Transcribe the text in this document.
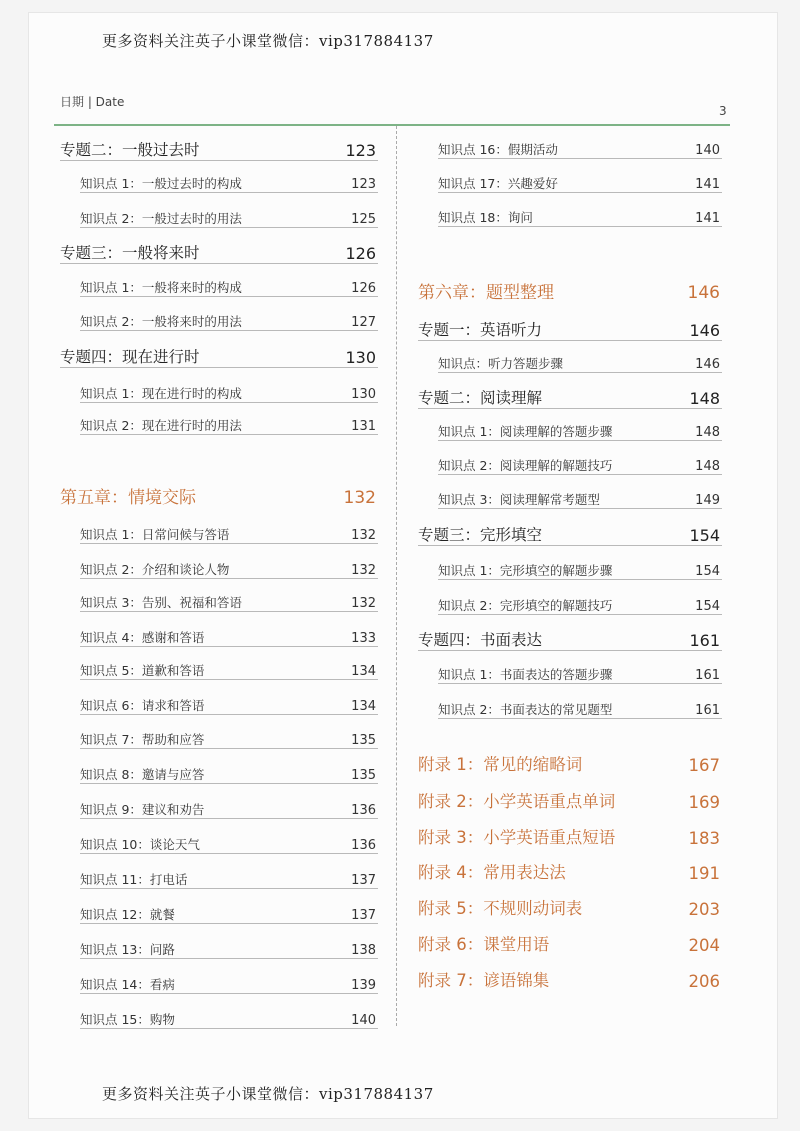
更多资料关注英子小课堂微信：vip317884137
日期 | Date
3
专题二：一般过去时	123
知识点 1：一般过去时的构成	123
知识点 2：一般过去时的用法	125
专题三：一般将来时	126
知识点 1：一般将来时的构成	126
知识点 2：一般将来时的用法	127
专题四：现在进行时	130
知识点 1：现在进行时的构成	130
知识点 2：现在进行时的用法	131
第五章：情境交际	132
知识点 1：日常问候与答语	132
知识点 2：介绍和谈论人物	132
知识点 3：告别、祝福和答语	132
知识点 4：感谢和答语	133
知识点 5：道歉和答语	134
知识点 6：请求和答语	134
知识点 7：帮助和应答	135
知识点 8：邀请与应答	135
知识点 9：建议和劝告	136
知识点 10：谈论天气	136
知识点 11：打电话	137
知识点 12：就餐	137
知识点 13：问路	138
知识点 14：看病	139
知识点 15：购物	140
知识点 16：假期活动	140
知识点 17：兴趣爱好	141
知识点 18：询问	141
第六章：题型整理	146
专题一：英语听力	146
知识点：听力答题步骤	146
专题二：阅读理解	148
知识点 1：阅读理解的答题步骤	148
知识点 2：阅读理解的解题技巧	148
知识点 3：阅读理解常考题型	149
专题三：完形填空	154
知识点 1：完形填空的解题步骤	154
知识点 2：完形填空的解题技巧	154
专题四：书面表达	161
知识点 1：书面表达的答题步骤	161
知识点 2：书面表达的常见题型	161
附录 1：常见的缩略词	167
附录 2：小学英语重点单词	169
附录 3：小学英语重点短语	183
附录 4：常用表达法	191
附录 5：不规则动词表	203
附录 6：课堂用语	204
附录 7：谚语锦集	206
更多资料关注英子小课堂微信：vip317884137
